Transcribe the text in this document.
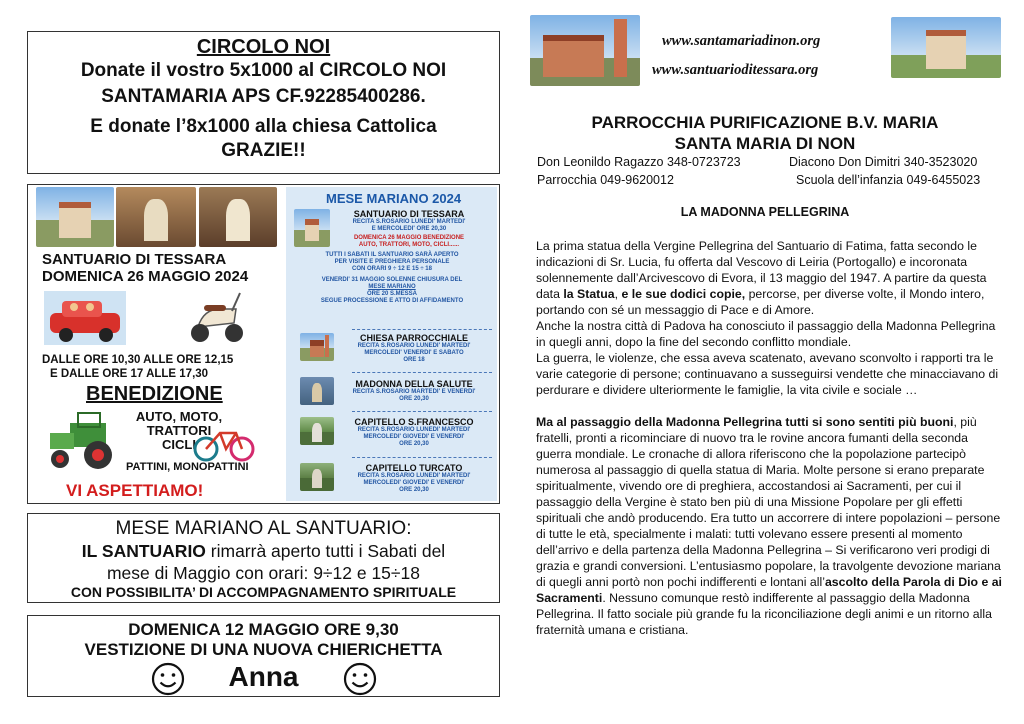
CIRCOLO NOI
Donate il vostro 5x1000 al CIRCOLO NOI
SANTAMARIA APS CF.92285400286.
E donate l’8x1000 alla chiesa Cattolica
GRAZIE!!
SANTUARIO DI TESSARA
DOMENICA 26 MAGGIO 2024
DALLE ORE 10,30 ALLE ORE 12,15
E DALLE ORE 17 ALLE 17,30
BENEDIZIONE
AUTO, MOTO,
TRATTORI
CICLI
PATTINI, MONOPATTINI
VI ASPETTIAMO!
MESE MARIANO 2024
SANTUARIO DI TESSARA
RECITA S.ROSARIO LUNEDI' MARTEDI'
E MERCOLEDI' ORE 20,30
DOMENICA 26 MAGGIO BENEDIZIONE
AUTO, TRATTORI, MOTO, CICLI......
TUTTI I SABATI IL SANTUARIO SARÀ APERTO
PER VISITE E PREGHIERA PERSONALE
CON ORARI 9 ÷ 12 E 15 ÷ 18
VENERDI' 31 MAGGIO SOLENNE CHIUSURA DEL
MESE MARIANO
ORE 20 S.MESSA
SEGUE PROCESSIONE E ATTO DI AFFIDAMENTO
CHIESA PARROCCHIALE
RECITA S.ROSARIO LUNEDI' MARTEDI'
MERCOLEDI' VENERDI' E SABATO
ORE 18
MADONNA DELLA SALUTE
RECITA S.ROSARIO MARTEDI' E VENERDI'
ORE 20,30
CAPITELLO S.FRANCESCO
RECITA S.ROSARIO LUNEDI' MARTEDI'
MERCOLEDI' GIOVEDI' E VENERDI'
ORE 20,30
CAPITELLO TURCATO
RECITA S.ROSARIO LUNEDI' MARTEDI'
MERCOLEDI' GIOVEDI' E VENERDI'
ORE 20,30
MESE MARIANO AL SANTUARIO:
IL SANTUARIO rimarrà aperto tutti i Sabati del
mese di Maggio con orari: 9÷12 e 15÷18
CON POSSIBILITA’ DI ACCOMPAGNAMENTO SPIRITUALE
DOMENICA 12 MAGGIO ORE 9,30
VESTIZIONE DI UNA NUOVA CHIERICHETTA
Anna
www.santamariadinon.org
www.santuarioditessara.org
PARROCCHIA PURIFICAZIONE B.V. MARIA
SANTA MARIA DI NON
Don Leonildo Ragazzo 348-0723723	Diacono Don Dimitri 340-3523020
Parrocchia 049-9620012	Scuola dell’infanzia 049-6455023
LA MADONNA PELLEGRINA

La prima statua della Vergine Pellegrina del Santuario di Fatima, fatta secondo le indicazioni di Sr. Lucia, fu offerta dal Vescovo di Leiria (Portogallo) e incoronata solennemente dall’Arcivescovo di Evora, il 13 maggio del 1947. A partire da questa data la Statua, e le sue dodici copie, percorse, per diverse volte, il Mondo intero, portando con sé un messaggio di Pace e di Amore.

Anche la nostra città di Padova ha conosciuto il passaggio della Madonna Pellegrina in quegli anni, dopo la fine del secondo conflitto mondiale.

La guerra, le violenze, che essa aveva scatenato, avevano sconvolto i rapporti tra le varie categorie di persone; continuavano a susseguirsi vendette che minacciavano di perdurare e dividere ulteriormente le famiglie, la vita civile e sociale …

Ma al passaggio della Madonna Pellegrina tutti si sono sentiti più buoni, più fratelli, pronti a ricominciare di nuovo tra le rovine ancora fumanti della seconda guerra mondiale. Le cronache di allora riferiscono che la popolazione partecipò numerosa al passaggio di quella statua di Maria. Molte persone si erano preparate spiritualmente, vivendo ore di preghiera, accostandosi ai Sacramenti, per cui il passaggio della Vergine è stato ben più di una Missione Popolare per gli effetti spirituali che andò producendo. Era tutto un accorrere di intere popolazioni – persone di tutte le età, specialmente i malati: tutti volevano essere presenti al momento dell’arrivo e della partenza della Madonna Pellegrina – Si verificarono veri prodigi di grazia e grandi conversioni. L’entusiasmo popolare, la travolgente devozione mariana di quegli anni portò non pochi indifferenti e lontani all’ascolto della Parola di Dio e ai Sacramenti. Nessuno comunque restò indifferente al passaggio della Madonna Pellegrina. Il fatto sociale più grande fu la riconciliazione degli animi e un ritorno alla fraternità umana e cristiana.
